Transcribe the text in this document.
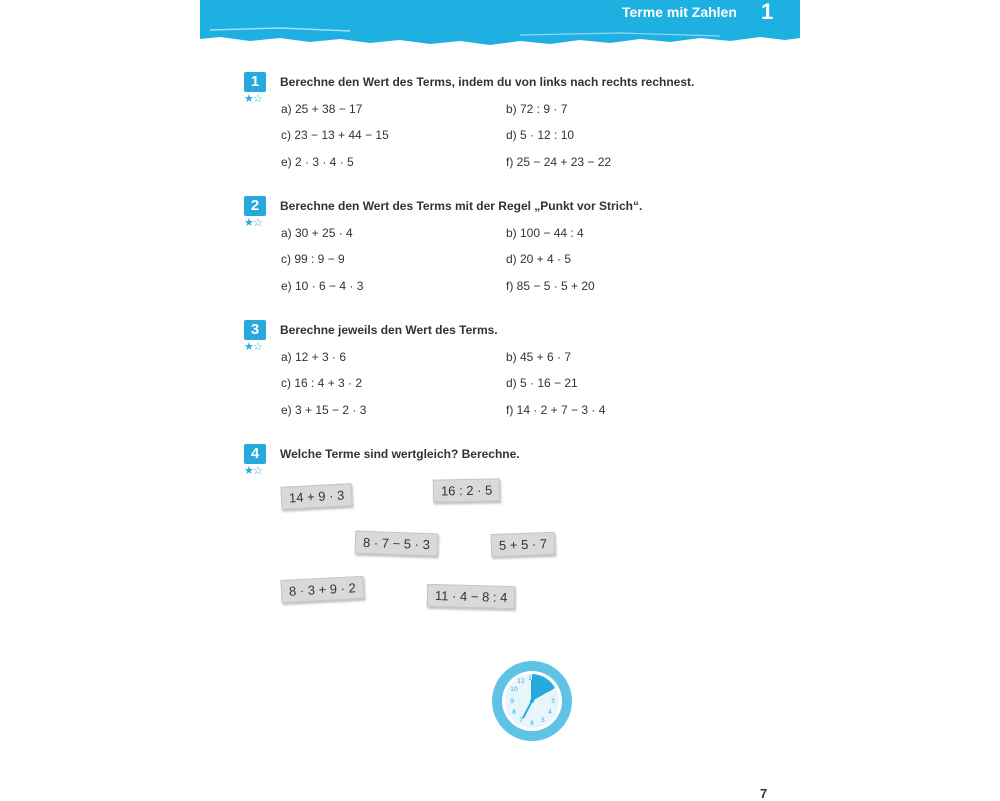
Terme mit Zahlen 1
1
★☆
Berechne den Wert des Terms, indem du von links nach rechts rechnest.
a) 25 + 38 − 17	b) 72 : 9 · 7
c) 23 − 13 + 44 − 15	d) 5 · 12 : 10
e) 2 · 3 · 4 · 5	f) 25 − 24 + 23 − 22
2
★☆
Berechne den Wert des Terms mit der Regel „Punkt vor Strich“.
a) 30 + 25 · 4	b) 100 − 44 : 4
c) 99 : 9 − 9	d) 20 + 4 · 5
e) 10 · 6 − 4 · 3	f) 85 − 5 · 5 + 20
3
★☆
Berechne jeweils den Wert des Terms.
a) 12 + 3 · 6	b) 45 + 6 · 7
c) 16 : 4 + 3 · 2	d) 5 · 16 − 21
e) 3 + 15 − 2 · 3	f) 14 · 2 + 7 − 3 · 4
4
★☆
Welche Terme sind wertgleich? Berechne.
14 + 9 · 3	16 : 2 · 5
8 · 7 − 5 · 3	5 + 5 · 7
8 · 3 + 9 · 2	11 · 4 − 8 : 4
12 1
2
3
4
5
6
7
8
9
10
11
7
